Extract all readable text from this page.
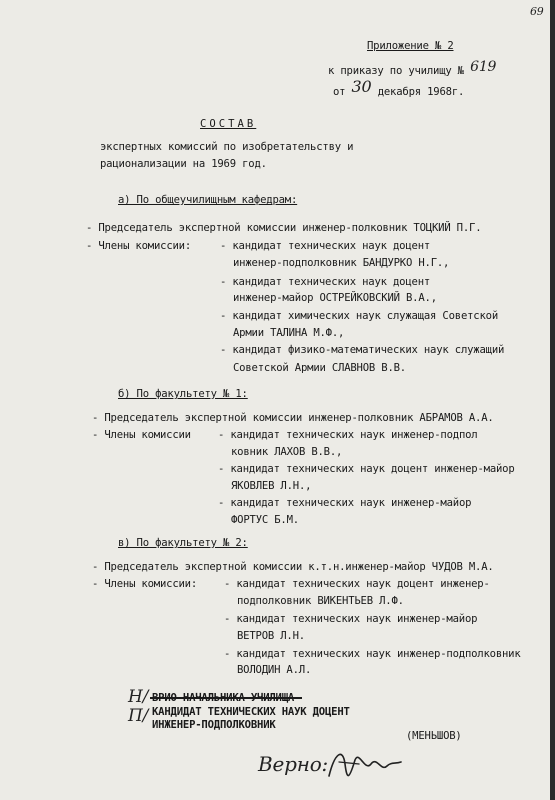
69
Приложение № 2
к приказу по училищу № 619
от 30 декабря 1968г.
СОСТАВ
экспертных комиссий по изобретательству и
рационализации на 1969 год.
а) По общеучилищным кафедрам:
- Председатель экспертной комиссии инженер-полковник ТОЦКИЙ П.Г.
- Члены комиссии:	- кандидат технических наук доцент
инженер-подполковник БАНДУРКО Н.Г.,
- кандидат технических наук доцент
инженер-майор ОСТРЕЙКОВСКИЙ В.А.,
- кандидат химических наук служащая Советской
Армии ТАЛИНА М.Ф.,
- кандидат физико-математических наук служащий
Советской Армии СЛАВНОВ В.В.
б) По факультету № 1:
- Председатель экспертной комиссии инженер-полковник АБРАМОВ А.А.
- Члены комиссии	- кандидат технических наук инженер-подпол
ковник ЛАХОВ В.В.,
- кандидат технических наук доцент инженер-майор
ЯКОВЛЕВ Л.Н.,
- кандидат технических наук инженер-майор
ФОРТУС Б.М.
в) По факультету № 2:
- Председатель экспертной комиссии к.т.н.инженер-майор ЧУДОВ М.А.
- Члены комиссии:	- кандидат технических наук доцент инженер-
подполковник ВИКЕНТЬЕВ Л.Ф.
- кандидат технических наук инженер-майор
ВЕТРОВ Л.Н.
- кандидат технических наук инженер-подполковник
ВОЛОДИН А.Л.
Н/
П/ КАНДИДАТ ТЕХНИЧЕСКИХ НАУК ДОЦЕНТ
ИНЖЕНЕР-ПОДПОЛКОВНИК
(МЕНЬШОВ)
Верно:
